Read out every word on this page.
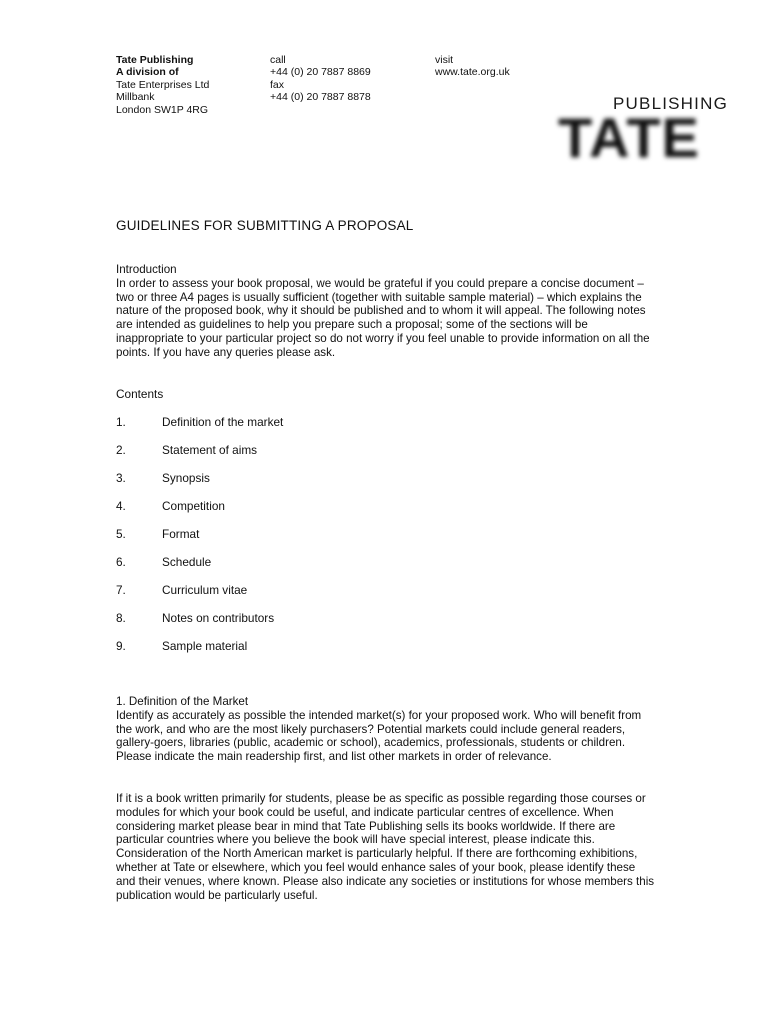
Tate Publishing
A division of
Tate Enterprises Ltd
Millbank
London SW1P 4RG
call
+44 (0) 20 7887 8869
fax
+44 (0) 20 7887 8878
visit
www.tate.org.uk
PUBLISHING
TATE
GUIDELINES FOR SUBMITTING A PROPOSAL
Introduction
In order to assess your book proposal, we would be grateful if you could prepare a concise document – two or three A4 pages is usually sufficient (together with suitable sample material) – which explains the nature of the proposed book, why it should be published and to whom it will appeal. The following notes are intended as guidelines to help you prepare such a proposal; some of the sections will be inappropriate to your particular project so do not worry if you feel unable to provide information on all the points. If you have any queries please ask.
Contents
1.	Definition of the market
2.	Statement of aims
3.	Synopsis
4.	Competition
5.	Format
6.	Schedule
7.	Curriculum vitae
8.	Notes on contributors
9.	Sample material
1. Definition of the Market
Identify as accurately as possible the intended market(s) for your proposed work. Who will benefit from the work, and who are the most likely purchasers? Potential markets could include general readers, gallery-goers, libraries (public, academic or school), academics, professionals, students or children. Please indicate the main readership first, and list other markets in order of relevance.
If it is a book written primarily for students, please be as specific as possible regarding those courses or modules for which your book could be useful, and indicate particular centres of excellence. When considering market please bear in mind that Tate Publishing sells its books worldwide. If there are particular countries where you believe the book will have special interest, please indicate this. Consideration of the North American market is particularly helpful. If there are forthcoming exhibitions, whether at Tate or elsewhere, which you feel would enhance sales of your book, please identify these and their venues, where known. Please also indicate any societies or institutions for whose members this publication would be particularly useful.
